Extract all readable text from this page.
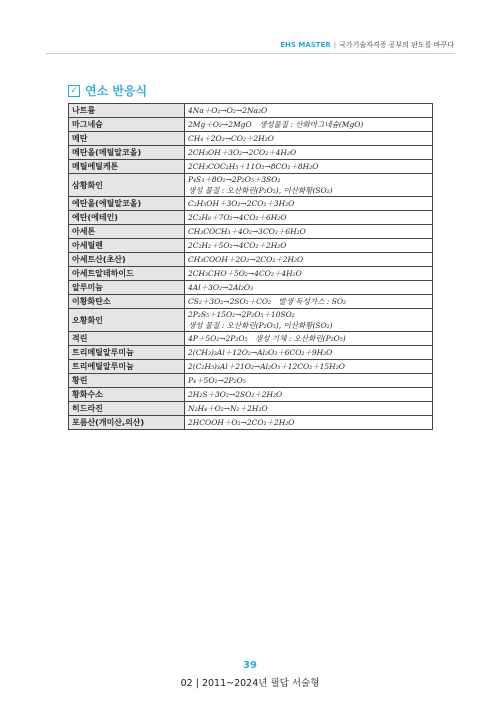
EHS MASTER | 국가기술자격증 공부의 판도를 바꾸다
✓ 연소 반응식
나트륨	4Na＋O₂→O₂→2Na₂O

마그네슘	2Mg＋O₂→2MgO　생성물질 : 산화마그네슘(MgO)

메탄	CH₄＋2O₂→CO₂＋2H₂O

메탄올(메틸알코올)	2CH₃OH＋3O₂→2CO₂＋4H₂O

메틸에틸케톤	2CH₃COC₂H₅＋11O₂→8CO₂＋8H₂O

삼황화인	P₄S₃＋8O₂→2P₂O₅＋3SO₂
생성 물질 : 오산화린(P₂O₅), 이산화황(SO₂)

에탄올(에틸알코올)	C₂H₅OH＋3O₂→2CO₂＋3H₂O

에탄(에테인)	2C₂H₆＋7O₂→4CO₂＋6H₂O

아세톤	CH₃COCH₃＋4O₂→3CO₂＋6H₂O

아세틸렌	2C₂H₂＋5O₂→4CO₂＋2H₂O

아세트산(초산)	CH₃COOH＋2O₂→2CO₂＋2H₂O

아세트알데하이드	2CH₃CHO＋5O₂→4CO₂＋4H₂O

알루미늄	4Al＋3O₂→2Al₂O₃

이황화탄소	CS₂＋3O₂→2SO₂＋CO₂　발생 독성가스 : SO₂

오황화인	2P₂S₅＋15O₂→2P₂O₅＋10SO₂
생성 물질 : 오산화린(P₂O₅), 이산화황(SO₂)

적린	4P＋5O₂→2P₂O₅　생성 기체 : 오산화린(P₂O₅)

트리메틸알루미늄	2(CH₃)₃Al＋12O₂→Al₂O₃＋6CO₂＋9H₂O

트리에틸알루미늄	2(C₂H₅)₃Al＋21O₂→Al₂O₃＋12CO₂＋15H₂O

황린	P₄＋5O₂→2P₂O₅

황화수소	2H₂S＋3O₂→2SO₂＋2H₂O

히드라진	N₂H₄＋O₂→N₂＋2H₂O

포름산(개미산,의산)	2HCOOH＋O₂→2CO₂＋2H₂O
39
02 | 2011~2024년 필답 서술형
